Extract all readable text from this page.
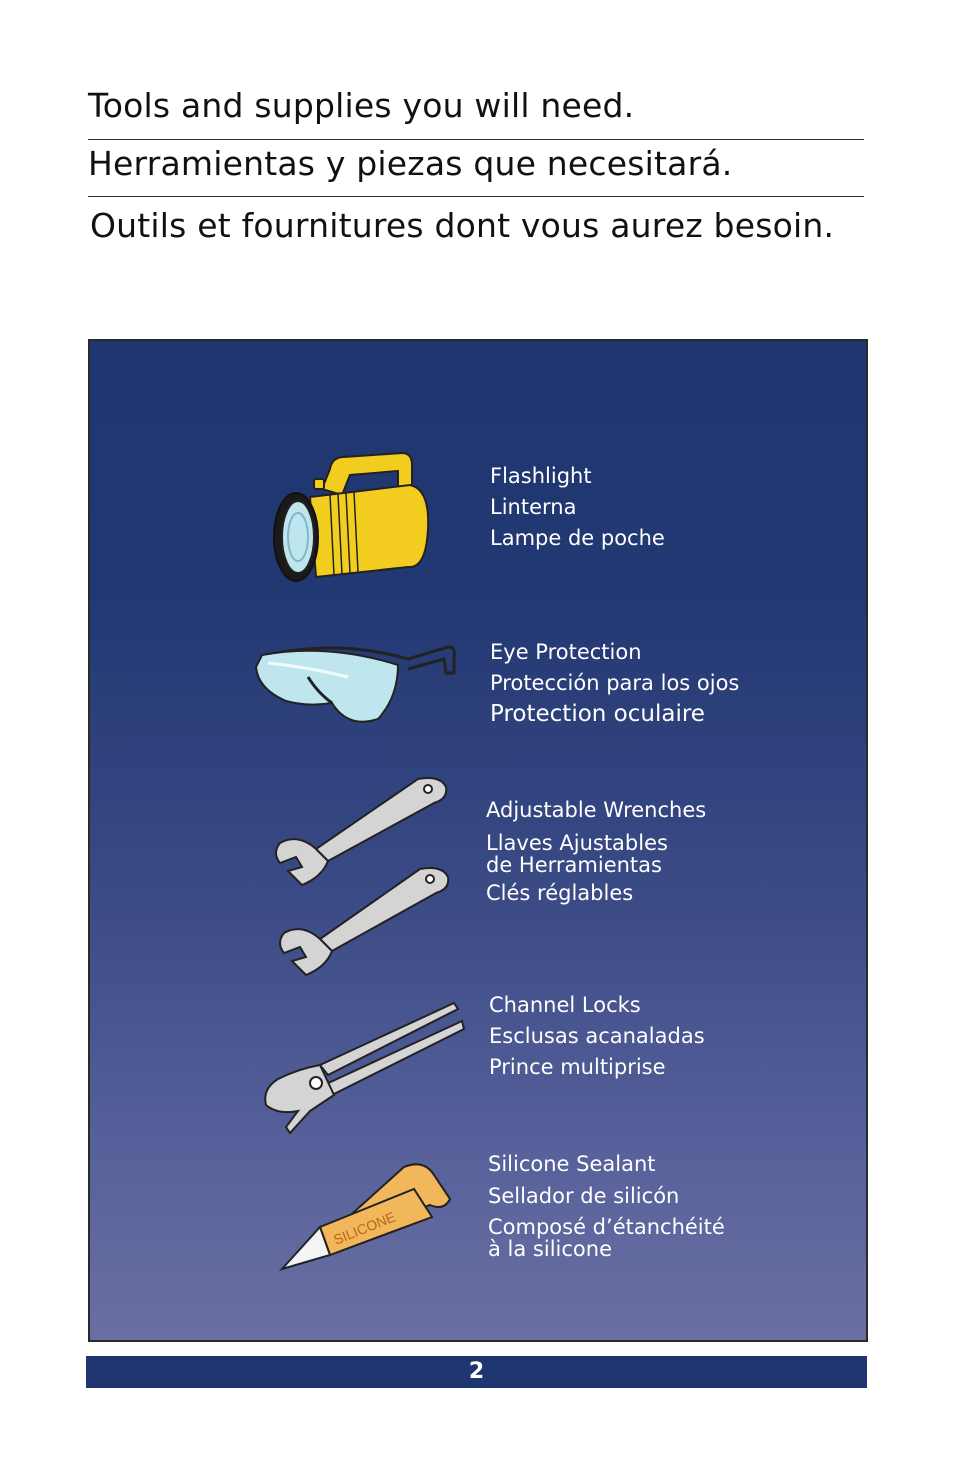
Tools and supplies you will need.
Herramientas y piezas que necesitará.
Outils et fournitures dont vous aurez besoin.
Flashlight
Linterna
Lampe de poche
Eye Protection
Protección para los ojos
Protection oculaire
Adjustable Wrenches
Llaves Ajustables
de Herramientas
Clés réglables
Channel Locks
Esclusas acanaladas
Prince multiprise
SILICONE
Silicone Sealant
Sellador de silicón
Composé d’étanchéité
à la silicone
2
